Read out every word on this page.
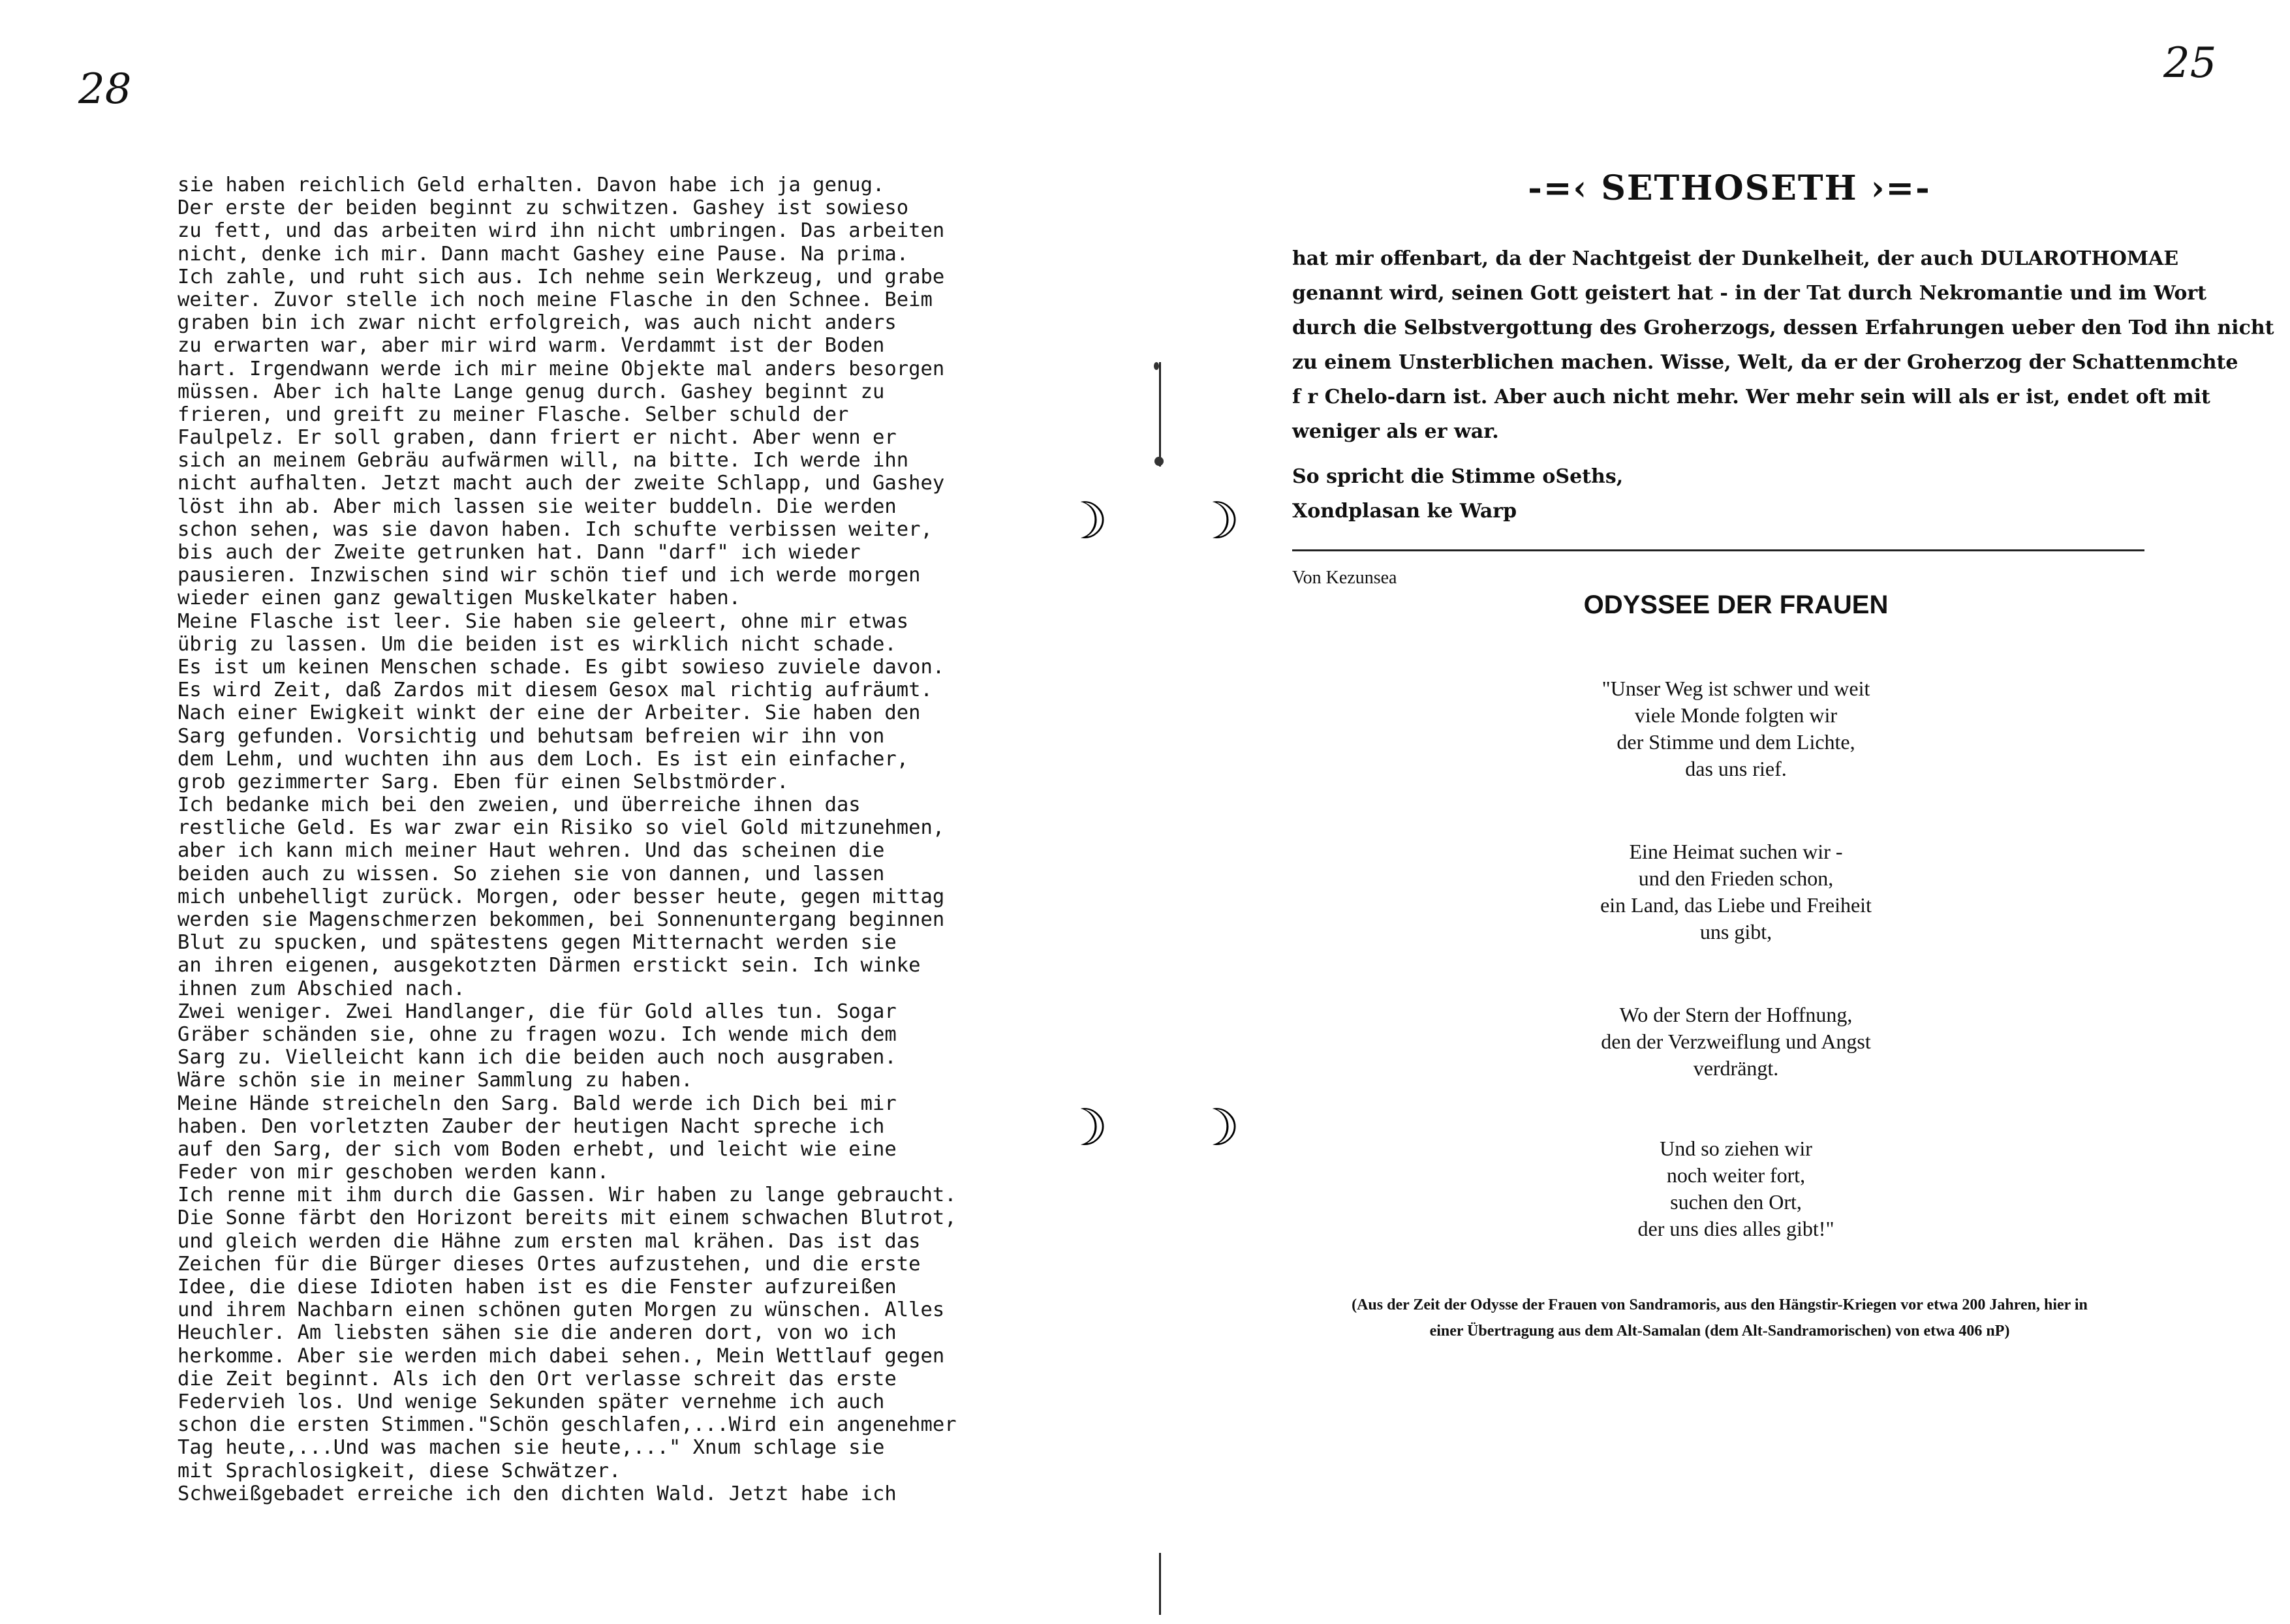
28
25
sie haben reichlich Geld erhalten. Davon habe ich ja genug.
Der erste der beiden beginnt zu schwitzen. Gashey ist sowieso
zu fett, und das arbeiten wird ihn nicht umbringen. Das arbeiten
nicht, denke ich mir. Dann macht Gashey eine Pause. Na prima.
Ich zahle, und ruht sich aus. Ich nehme sein Werkzeug, und grabe
weiter. Zuvor stelle ich noch meine Flasche in den Schnee. Beim
graben bin ich zwar nicht erfolgreich, was auch nicht anders
zu erwarten war, aber mir wird warm. Verdammt ist der Boden
hart. Irgendwann werde ich mir meine Objekte mal anders besorgen
müssen. Aber ich halte Lange genug durch. Gashey beginnt zu
frieren, und greift zu meiner Flasche. Selber schuld der
Faulpelz. Er soll graben, dann friert er nicht. Aber wenn er
sich an meinem Gebräu aufwärmen will, na bitte. Ich werde ihn
nicht aufhalten. Jetzt macht auch der zweite Schlapp, und Gashey
löst ihn ab. Aber mich lassen sie weiter buddeln. Die werden
schon sehen, was sie davon haben. Ich schufte verbissen weiter,
bis auch der Zweite getrunken hat. Dann "darf" ich wieder
pausieren. Inzwischen sind wir schön tief und ich werde morgen
wieder einen ganz gewaltigen Muskelkater haben.
Meine Flasche ist leer. Sie haben sie geleert, ohne mir etwas
übrig zu lassen. Um die beiden ist es wirklich nicht schade.
Es ist um keinen Menschen schade. Es gibt sowieso zuviele davon.
Es wird Zeit, daß Zardos mit diesem Gesox mal richtig aufräumt.
Nach einer Ewigkeit winkt der eine der Arbeiter. Sie haben den
Sarg gefunden. Vorsichtig und behutsam befreien wir ihn von
dem Lehm, und wuchten ihn aus dem Loch. Es ist ein einfacher,
grob gezimmerter Sarg. Eben für einen Selbstmörder.
Ich bedanke mich bei den zweien, und überreiche ihnen das
restliche Geld. Es war zwar ein Risiko so viel Gold mitzunehmen,
aber ich kann mich meiner Haut wehren. Und das scheinen die
beiden auch zu wissen. So ziehen sie von dannen, und lassen
mich unbehelligt zurück. Morgen, oder besser heute, gegen mittag
werden sie Magenschmerzen bekommen, bei Sonnenuntergang beginnen
Blut zu spucken, und spätestens gegen Mitternacht werden sie
an ihren eigenen, ausgekotzten Därmen erstickt sein. Ich winke
ihnen zum Abschied nach.
Zwei weniger. Zwei Handlanger, die für Gold alles tun. Sogar
Gräber schänden sie, ohne zu fragen wozu. Ich wende mich dem
Sarg zu. Vielleicht kann ich die beiden auch noch ausgraben.
Wäre schön sie in meiner Sammlung zu haben.
Meine Hände streicheln den Sarg. Bald werde ich Dich bei mir
haben. Den vorletzten Zauber der heutigen Nacht spreche ich
auf den Sarg, der sich vom Boden erhebt, und leicht wie eine
Feder von mir geschoben werden kann.
Ich renne mit ihm durch die Gassen. Wir haben zu lange gebraucht.
Die Sonne färbt den Horizont bereits mit einem schwachen Blutrot,
und gleich werden die Hähne zum ersten mal krähen. Das ist das
Zeichen für die Bürger dieses Ortes aufzustehen, und die erste
Idee, die diese Idioten haben ist es die Fenster aufzureißen
und ihrem Nachbarn einen schönen guten Morgen zu wünschen. Alles
Heuchler. Am liebsten sähen sie die anderen dort, von wo ich
herkomme. Aber sie werden mich dabei sehen., Mein Wettlauf gegen
die Zeit beginnt. Als ich den Ort verlasse schreit das erste
Federvieh los. Und wenige Sekunden später vernehme ich auch
schon die ersten Stimmen."Schön geschlafen,...Wird ein angenehmer
Tag heute,...Und was machen sie heute,..." Xnum schlage sie
mit Sprachlosigkeit, diese Schwätzer.
Schweißgebadet erreiche ich den dichten Wald. Jetzt habe ich
☽ ☽
☽ ☽
-=‹ SETHOSETH ›=-
hat mir offenbart, da der Nachtgeist der Dunkelheit, der auch DULAROTHOMAE
genannt wird, seinen Gott geistert hat - in der Tat durch Nekromantie und im Wort
durch die Selbstvergottung des Groherzogs, dessen Erfahrungen ueber den Tod ihn nicht
zu einem Unsterblichen machen. Wisse, Welt, da er der Groherzog der Schattenmchte
f r Chelo-darn ist. Aber auch nicht mehr. Wer mehr sein will als er ist, endet oft mit
weniger als er war.
So spricht die Stimme oSeths,
Xondplasan ke Warp
Von Kezunsea
ODYSSEE DER FRAUEN
"Unser Weg ist schwer und weit
viele Monde folgten wir
der Stimme und dem Lichte,
das uns rief.
Eine Heimat suchen wir -
und den Frieden schon,
ein Land, das Liebe und Freiheit
uns gibt,
Wo der Stern der Hoffnung,
den der Verzweiflung und Angst
verdrängt.
Und so ziehen wir
noch weiter fort,
suchen den Ort,
der uns dies alles gibt!"
(Aus der Zeit der Odysse der Frauen von Sandramoris, aus den Hängstir-Kriegen vor etwa 200 Jahren, hier in
einer Übertragung aus dem Alt-Samalan (dem Alt-Sandramorischen) von etwa 406 nP)
